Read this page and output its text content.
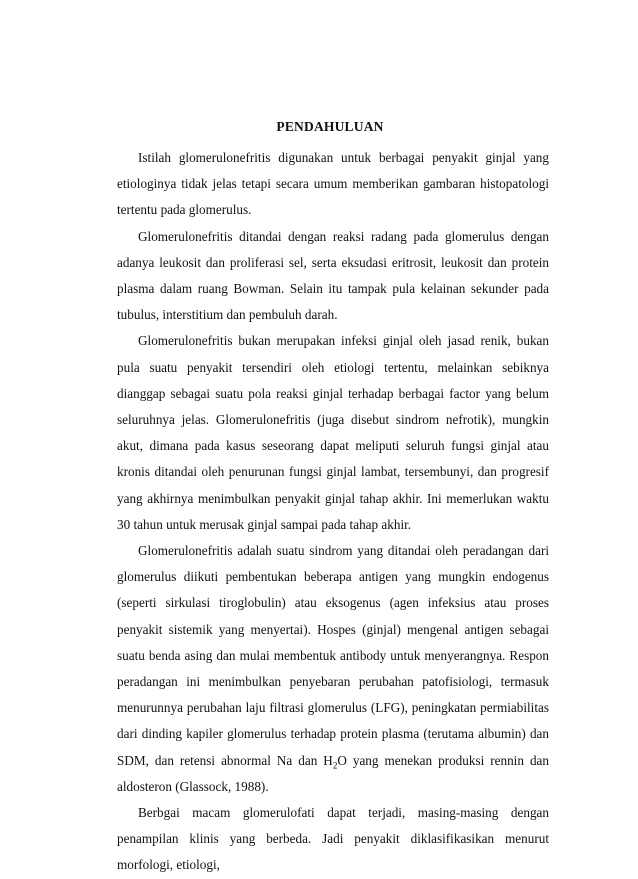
PENDAHULUAN

Istilah glomerulonefritis digunakan untuk berbagai penyakit ginjal yang etiologinya tidak jelas tetapi secara umum memberikan gambaran histopatologi tertentu pada glomerulus.

Glomerulonefritis ditandai dengan reaksi radang pada glomerulus dengan adanya leukosit dan proliferasi sel, serta eksudasi eritrosit, leukosit dan protein plasma dalam ruang Bowman. Selain itu tampak pula kelainan sekunder pada tubulus, interstitium dan pembuluh darah.

Glomerulonefritis bukan merupakan infeksi ginjal oleh jasad renik, bukan pula suatu penyakit tersendiri oleh etiologi tertentu, melainkan sebiknya dianggap sebagai suatu pola reaksi ginjal terhadap berbagai factor yang belum seluruhnya jelas. Glomerulonefritis (juga disebut sindrom nefrotik), mungkin akut, dimana pada kasus seseorang dapat meliputi seluruh fungsi ginjal atau kronis ditandai oleh penurunan fungsi ginjal lambat, tersembunyi, dan progresif yang akhirnya menimbulkan penyakit ginjal tahap akhir. Ini memerlukan waktu 30 tahun untuk merusak ginjal sampai pada tahap akhir.

Glomerulonefritis adalah suatu sindrom yang ditandai oleh peradangan dari glomerulus diikuti pembentukan beberapa antigen yang mungkin endogenus (seperti sirkulasi tiroglobulin) atau eksogenus (agen infeksius atau proses penyakit sistemik yang menyertai). Hospes (ginjal) mengenal antigen sebagai suatu benda asing dan mulai membentuk antibody untuk menyerangnya. Respon peradangan ini menimbulkan penyebaran perubahan patofisiologi, termasuk menurunnya perubahan laju filtrasi glomerulus (LFG), peningkatan permiabilitas dari dinding kapiler glomerulus terhadap protein plasma (terutama albumin) dan SDM, dan retensi abnormal Na dan $H_2O$ yang menekan produksi rennin dan aldosteron (Glassock, 1988).

Berbgai macam glomerulofati dapat terjadi, masing-masing dengan penampilan klinis yang berbeda. Jadi penyakit diklasifikasikan menurut morfologi, etiologi,
